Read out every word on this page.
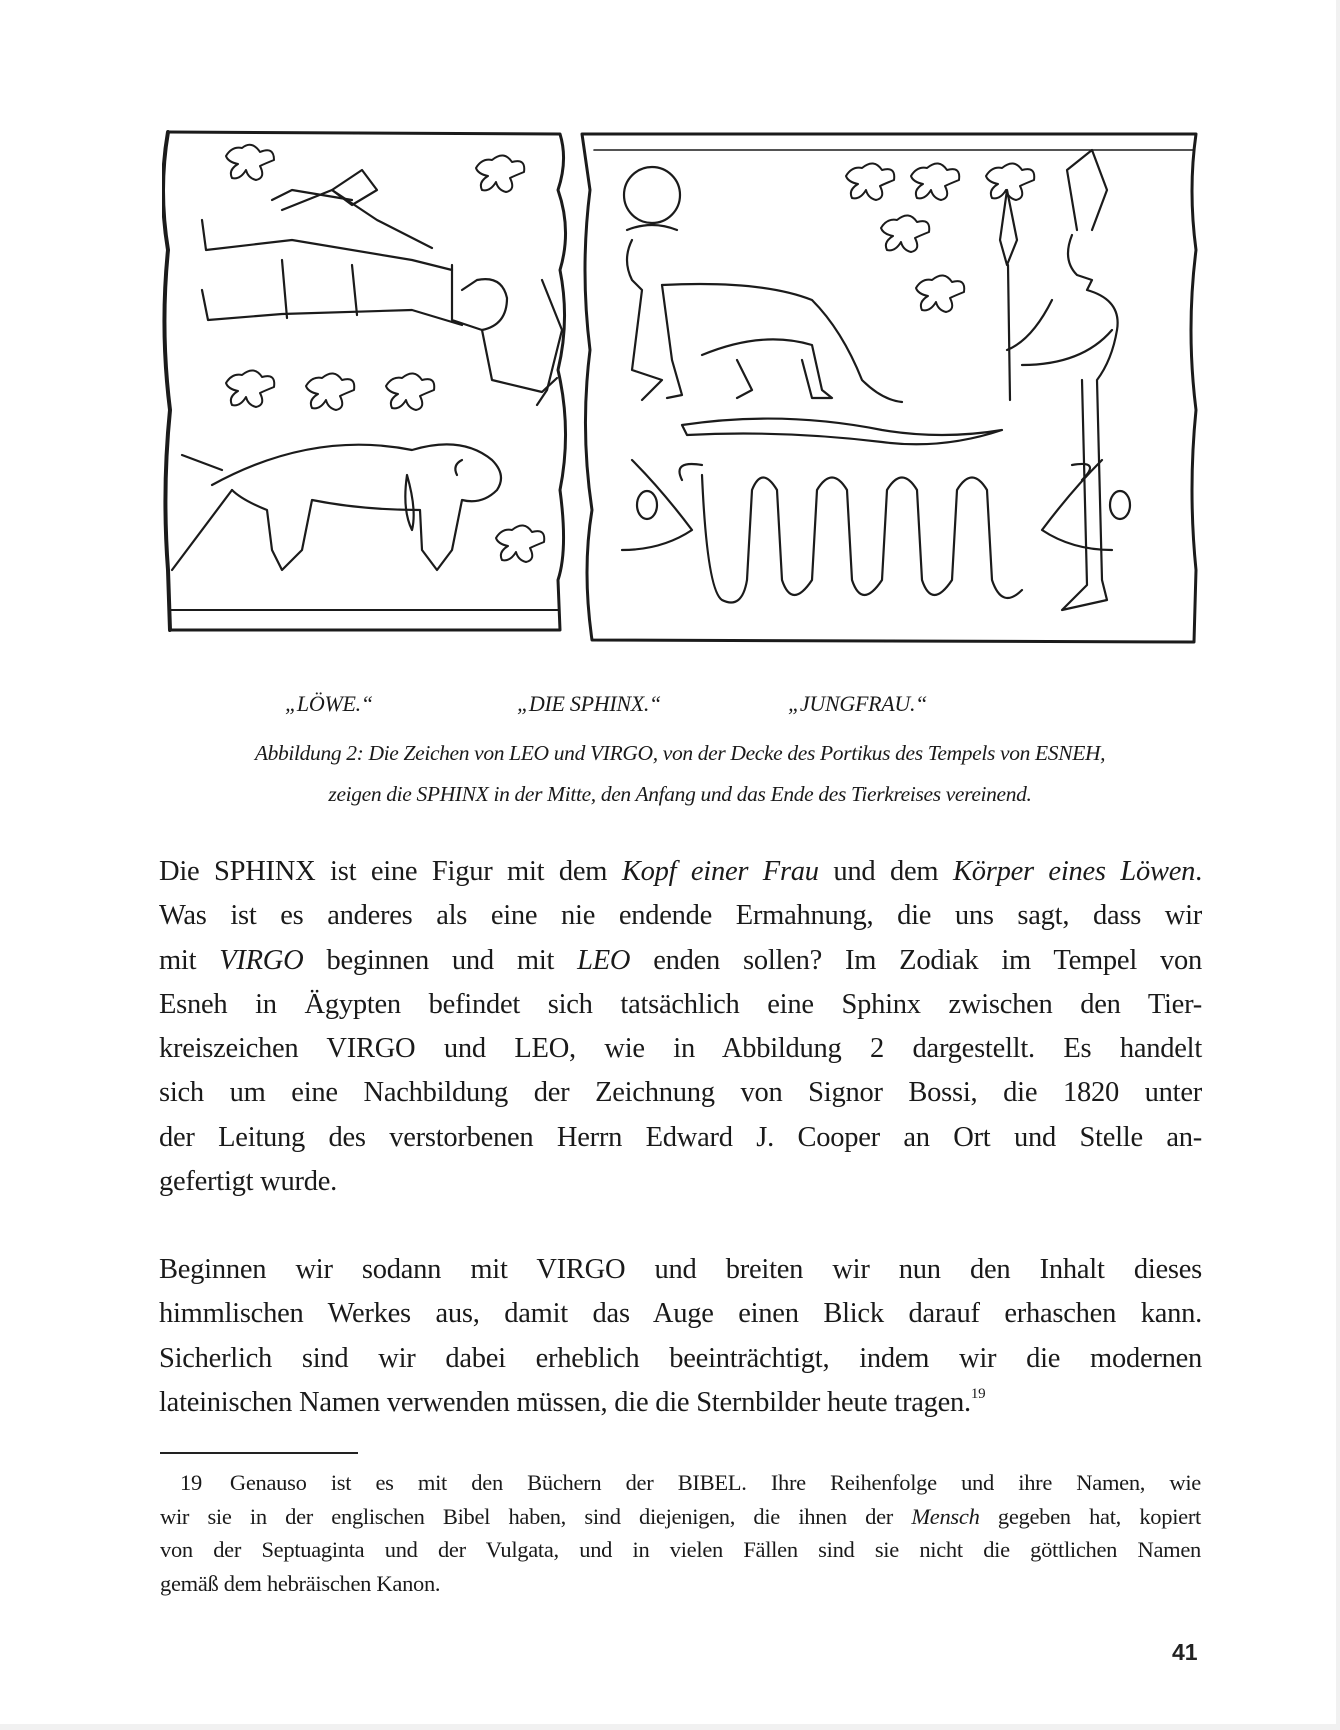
„LÖWE.“	„DIE SPHINX.“	„JUNGFRAU.“
Abbildung 2: Die Zeichen von LEO und VIRGO, von der Decke des Portikus des Tempels von ESNEH,
zeigen die SPHINX in der Mitte, den Anfang und das Ende des Tierkreises vereinend.
Die SPHINX ist eine Figur mit dem Kopf einer Frau und dem Körper eines Löwen.
Was ist es anderes als eine nie endende Ermahnung, die uns sagt, dass wir
mit VIRGO beginnen und mit LEO enden sollen? Im Zodiak im Tempel von
Esneh in Ägypten befindet sich tatsächlich eine Sphinx zwischen den Tier-
kreiszeichen VIRGO und LEO, wie in Abbildung 2 dargestellt. Es handelt
sich um eine Nachbildung der Zeichnung von Signor Bossi, die 1820 unter
der Leitung des verstorbenen Herrn Edward J. Cooper an Ort und Stelle an-
gefertigt wurde.
Beginnen wir sodann mit VIRGO und breiten wir nun den Inhalt dieses
himmlischen Werkes aus, damit das Auge einen Blick darauf erhaschen kann.
Sicherlich sind wir dabei erheblich beeinträchtigt, indem wir die modernen
lateinischen Namen verwenden müssen, die die Sternbilder heute tragen.$^{19}$
19 Genauso ist es mit den Büchern der BIBEL. Ihre Reihenfolge und ihre Namen, wie
wir sie in der englischen Bibel haben, sind diejenigen, die ihnen der Mensch gegeben hat, kopiert
von der Septuaginta und der Vulgata, und in vielen Fällen sind sie nicht die göttlichen Namen
gemäß dem hebräischen Kanon.
41
